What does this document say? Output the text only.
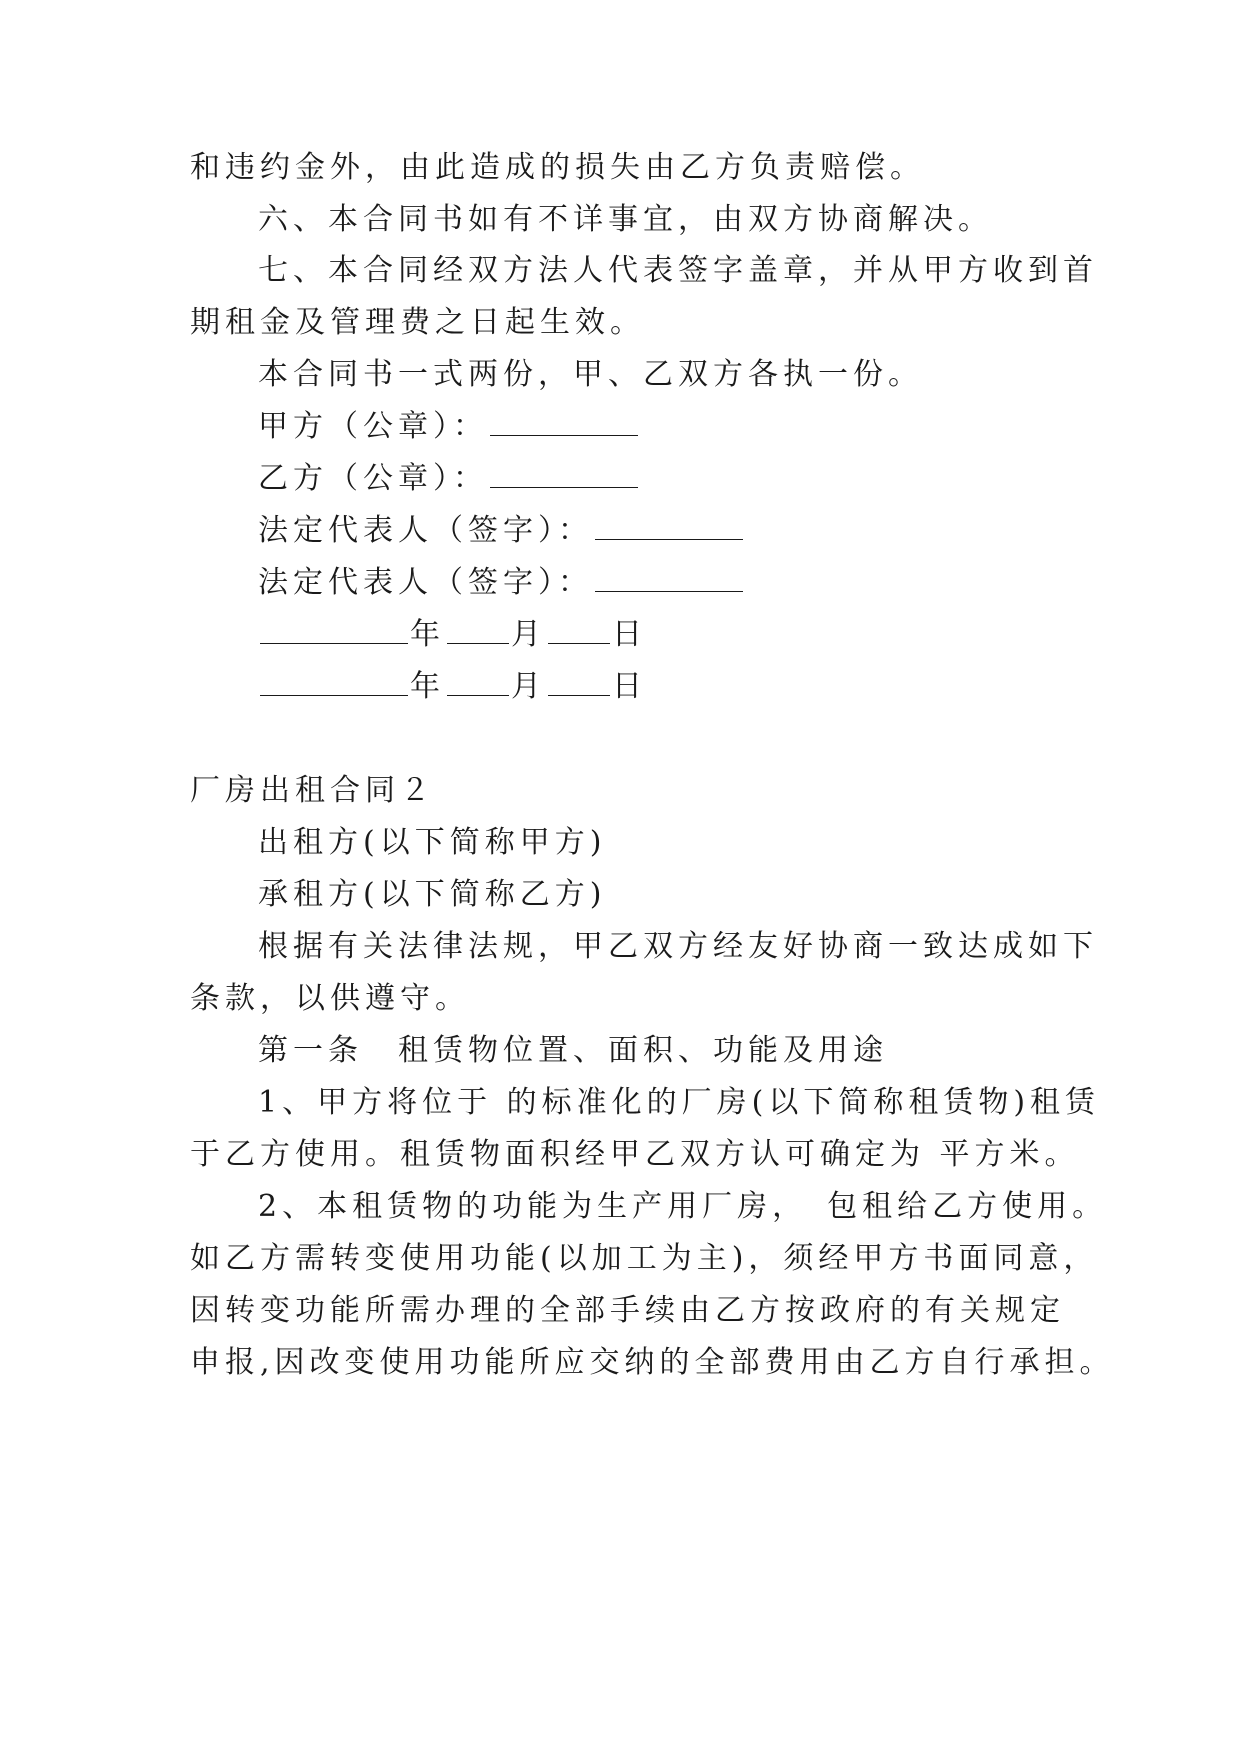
和违约金外，由此造成的损失由乙方负责赔偿。

六、本合同书如有不详事宜，由双方协商解决。

七、本合同经双方法人代表签字盖章，并从甲方收到首

期租金及管理费之日起生效。

本合同书一式两份，甲、乙双方各执一份。

甲方（公章）：

乙方（公章）：

法定代表人（签字）：

法定代表人（签字）：

年 月 日

年 月 日

厂房出租合同２

出租方(以下简称甲方)

承租方(以下简称乙方)

根据有关法律法规，甲乙双方经友好协商一致达成如下

条款，以供遵守。

第一条　租赁物位置、面积、功能及用途

1、甲方将位于 的标准化的厂房(以下简称租赁物)租赁

于乙方使用。租赁物面积经甲乙双方认可确定为 平方米。

2、本租赁物的功能为生产用厂房，　包租给乙方使用。

如乙方需转变使用功能(以加工为主)，须经甲方书面同意，

因转变功能所需办理的全部手续由乙方按政府的有关规定

申报,因改变使用功能所应交纳的全部费用由乙方自行承担。
